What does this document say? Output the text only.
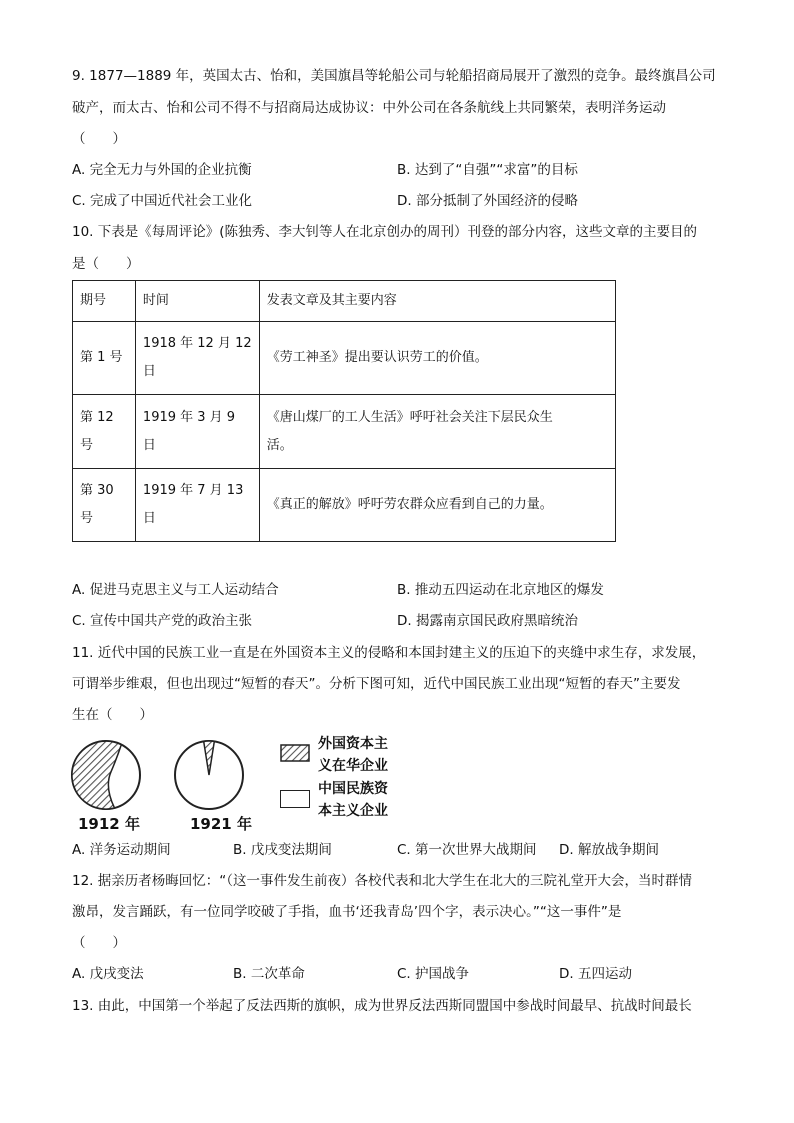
9. 1877—1889 年，英国太古、怡和，美国旗昌等轮船公司与轮船招商局展开了激烈的竞争。最终旗昌公司
破产，而太古、怡和公司不得不与招商局达成协议：中外公司在各条航线上共同繁荣，表明洋务运动
（　　）
A. 完全无力与外国的企业抗衡	B. 达到了“自强”“求富”的目标
C. 完成了中国近代社会工业化	D. 部分抵制了外国经济的侵略
10. 下表是《每周评论》(陈独秀、李大钊等人在北京创办的周刊）刊登的部分内容，这些文章的主要目的
是（　　）
期号	时间	发表文章及其主要内容
第 1 号	1918 年 12 月 12
日	《劳工神圣》提出要认识劳工的价值。
第 12
号	1919 年 3 月 9 日	《唐山煤厂的工人生活》呼吁社会关注下层民众生
活。
第 30
号	1919 年 7 月 13 日	《真正的解放》呼吁劳农群众应看到自己的力量。
A. 促进马克思主义与工人运动结合	B. 推动五四运动在北京地区的爆发
C. 宣传中国共产党的政治主张	D. 揭露南京国民政府黑暗统治
11. 近代中国的民族工业一直是在外国资本主义的侵略和本国封建主义的压迫下的夹缝中求生存，求发展，
可谓举步维艰，但也出现过“短暂的春天”。分析下图可知，近代中国民族工业出现“短暂的春天”主要发
生在（　　）
1912 年	1921 年
外国资本主
义在华企业
中国民族资
本主义企业
A. 洋务运动期间	B. 戊戌变法期间	C. 第一次世界大战期间 D. 解放战争期间
12. 据亲历者杨晦回忆：“（这一事件发生前夜）各校代表和北大学生在北大的三院礼堂开大会，当时群情
激昂，发言踊跃，有一位同学咬破了手指，血书‘还我青岛’四个字，表示决心。”“这一事件”是
（　　）
A. 戊戌变法	B. 二次革命	C. 护国战争	D. 五四运动
13. 由此，中国第一个举起了反法西斯的旗帜，成为世界反法西斯同盟国中参战时间最早、抗战时间最长
